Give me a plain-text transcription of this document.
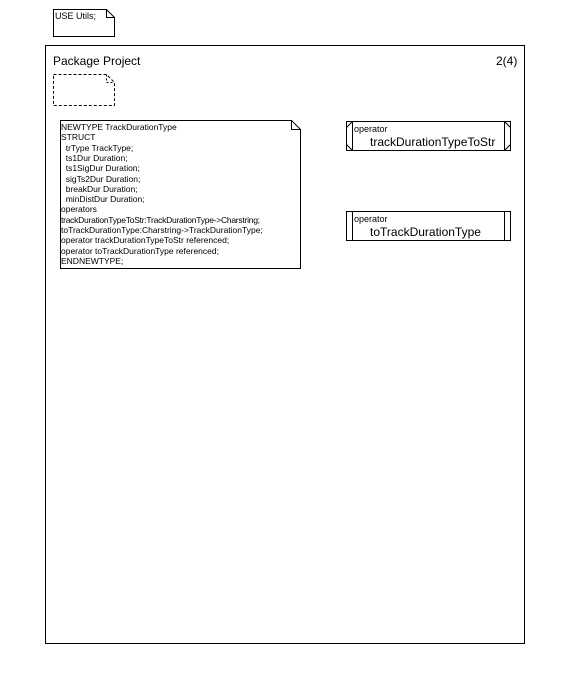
USE Utils;
Package Project	2(4)
NEWTYPE TrackDurationType
STRUCT
trType TrackType;
ts1Dur Duration;
ts1SigDur Duration;
sigTs2Dur Duration;
breakDur Duration;
minDistDur Duration;
operators
trackDurationTypeToStr:TrackDurationType->Charstring;
toTrackDurationType:Charstring->TrackDurationType;
operator trackDurationTypeToStr referenced;
operator toTrackDurationType referenced;
ENDNEWTYPE;
operator
trackDurationTypeToStr
operator
toTrackDurationType
